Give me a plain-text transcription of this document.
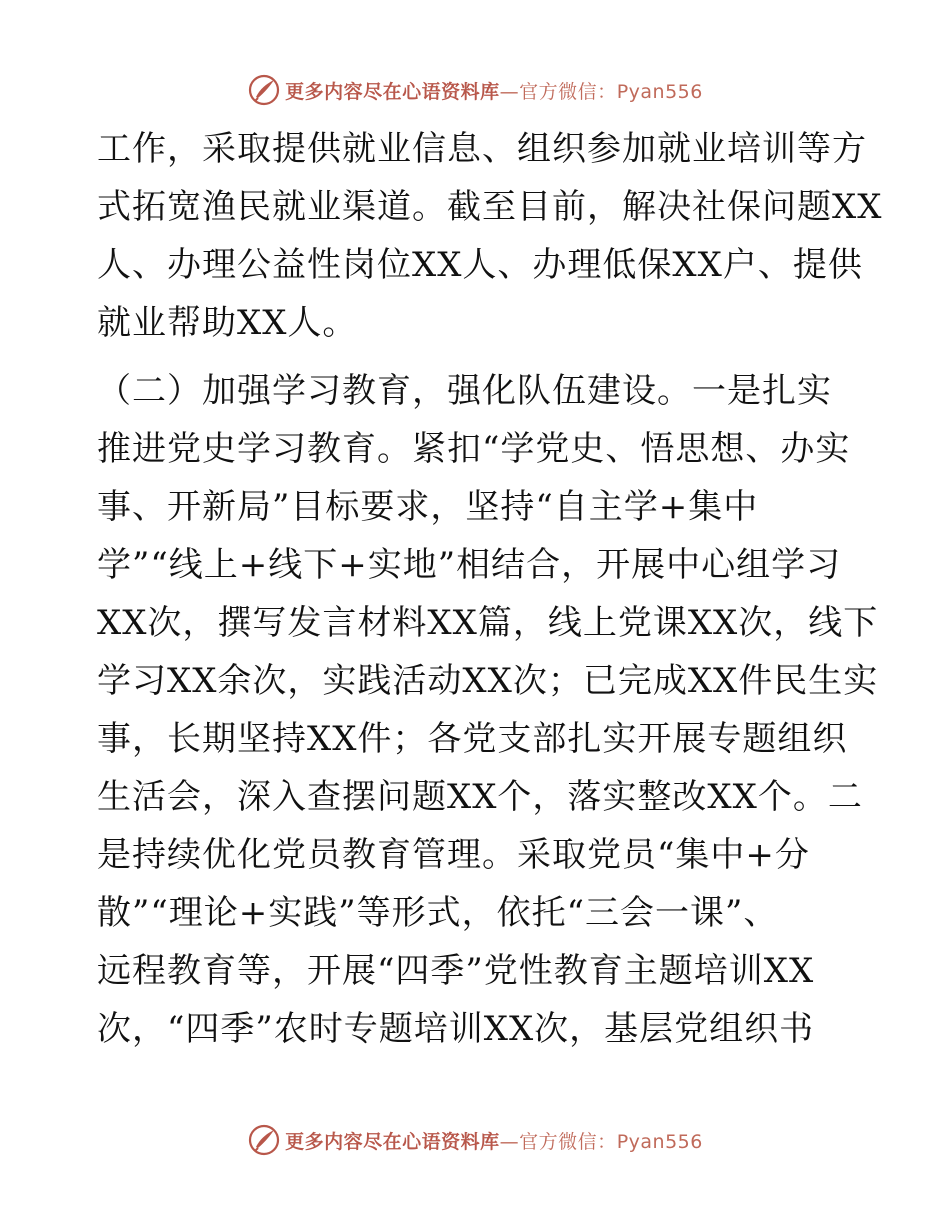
更多内容尽在心语资料库—官方微信：Pyan556
工作，采取提供就业信息、组织参加就业培训等方
式拓宽渔民就业渠道。截至目前，解决社保问题XX
人、办理公益性岗位XX人、办理低保XX户、提供
就业帮助XX人。
（二）加强学习教育，强化队伍建设。一是扎实
推进党史学习教育。紧扣“学党史、悟思想、办实
事、开新局”目标要求，坚持“自主学+集中
学”“线上+线下+实地”相结合，开展中心组学习
XX次，撰写发言材料XX篇，线上党课XX次，线下
学习XX余次，实践活动XX次；已完成XX件民生实
事，长期坚持XX件；各党支部扎实开展专题组织
生活会，深入查摆问题XX个，落实整改XX个。二
是持续优化党员教育管理。采取党员“集中+分
散”“理论+实践”等形式，依托“三会一课”、
远程教育等，开展“四季”党性教育主题培训XX
次，“四季”农时专题培训XX次，基层党组织书
更多内容尽在心语资料库—官方微信：Pyan556
